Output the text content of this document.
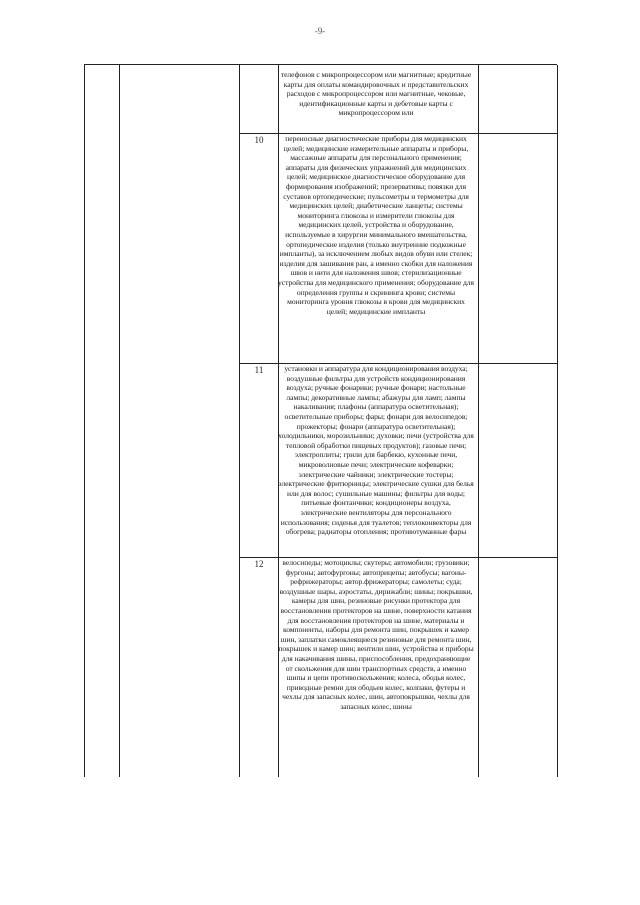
-9-
10
11
12
телефонов с микропроцессором или магнитные; кредитные карты для оплаты командировочных и представительских расходов с микропроцессором или магнитные, чековые, идентификационные карты и дебетовые карты с микропроцессором или
переносные диагностические приборы для медицинских целей; медицинские измерительные аппараты и приборы, массажные аппараты для персонального применения; аппараты для физических упражнений для медицинских целей; медицинское диагностическое оборудование для формирования изображений; презервативы; повязки для суставов ортопедические; пульсометры и термометры для медицинских целей; диабетические ланцеты; системы мониторинга глюкозы и измерители глюкозы для медицинских целей, устройства и оборудование, используемые в хирургии минимального вмешательства, ортопедические изделия (только внутренние подкожные импланты), за исключением любых видов обуви или стелек; изделия для зашивания ран, а именно скобки для наложения швов и нити для наложения швов; стерилизационные устройства для медицинского применения; оборудование для определения группы и скрининга крови; системы мониторинга уровня глюкозы в крови для медицинских целей; медицинские импланты
установки и аппаратура для кондиционирования воздуха; воздушные фильтры для устройств кондиционирования воздуха; ручные фонарики; ручные фонари; настольные лампы; декоративные лампы; абажуры для ламп; лампы накаливания; плафоны (аппаратура осветительная); осветительные приборы; фары; фонари для велосипедов; прожекторы; фонари (аппаратура осветительная); холодильники, морозильники; духовки; печи (устройства для тепловой обработки пищевых продуктов); газовые печи; электроплиты; грили для барбекю, кухонные печи, микроволновые печи; электрические кофеварки; электрические чайники; электрические тостеры; электрические фритюрницы; электрические сушки для белья или для волос; сушильные машины; фильтры для воды; питьевые фонтанчики; кондиционеры воздуха, электрические вентиляторы для персонального использования; сиденья для туалетов; теплоконвекторы для обогрева; радиаторы отопления; противотуманные фары
велосипеды; мотоциклы; скутеры; автомобили; грузовики; фургоны; автофургоны; автоприцепы; автобусы; вагоны-рефрижераторы; автор.фрижераторы; самолеты; суда; воздушные шары, аэростаты, дирижабли; шины; покрышки, камеры для шин, резиновые рисунки протектора для восстановления протекторов на шине, поверхности катания для восстановления протекторов на шине, материалы и компоненты, наборы для ремонта шин, покрышек и камер шин, заплатки самоклеящиеся резиновые для ремонта шин, покрышек и камер шин; вентили шин, устройства и приборы для накачивания шины, приспособления, предохраняющие от скольжения для шин транспортных средств, а именно шипы и цепи противоскольжения; колеса, ободья колес, приводные ремни для ободьев колес, колпаки, футеры и чехлы для запасных колес, шин, автопокрышки, чехлы для запасных колес, шины
